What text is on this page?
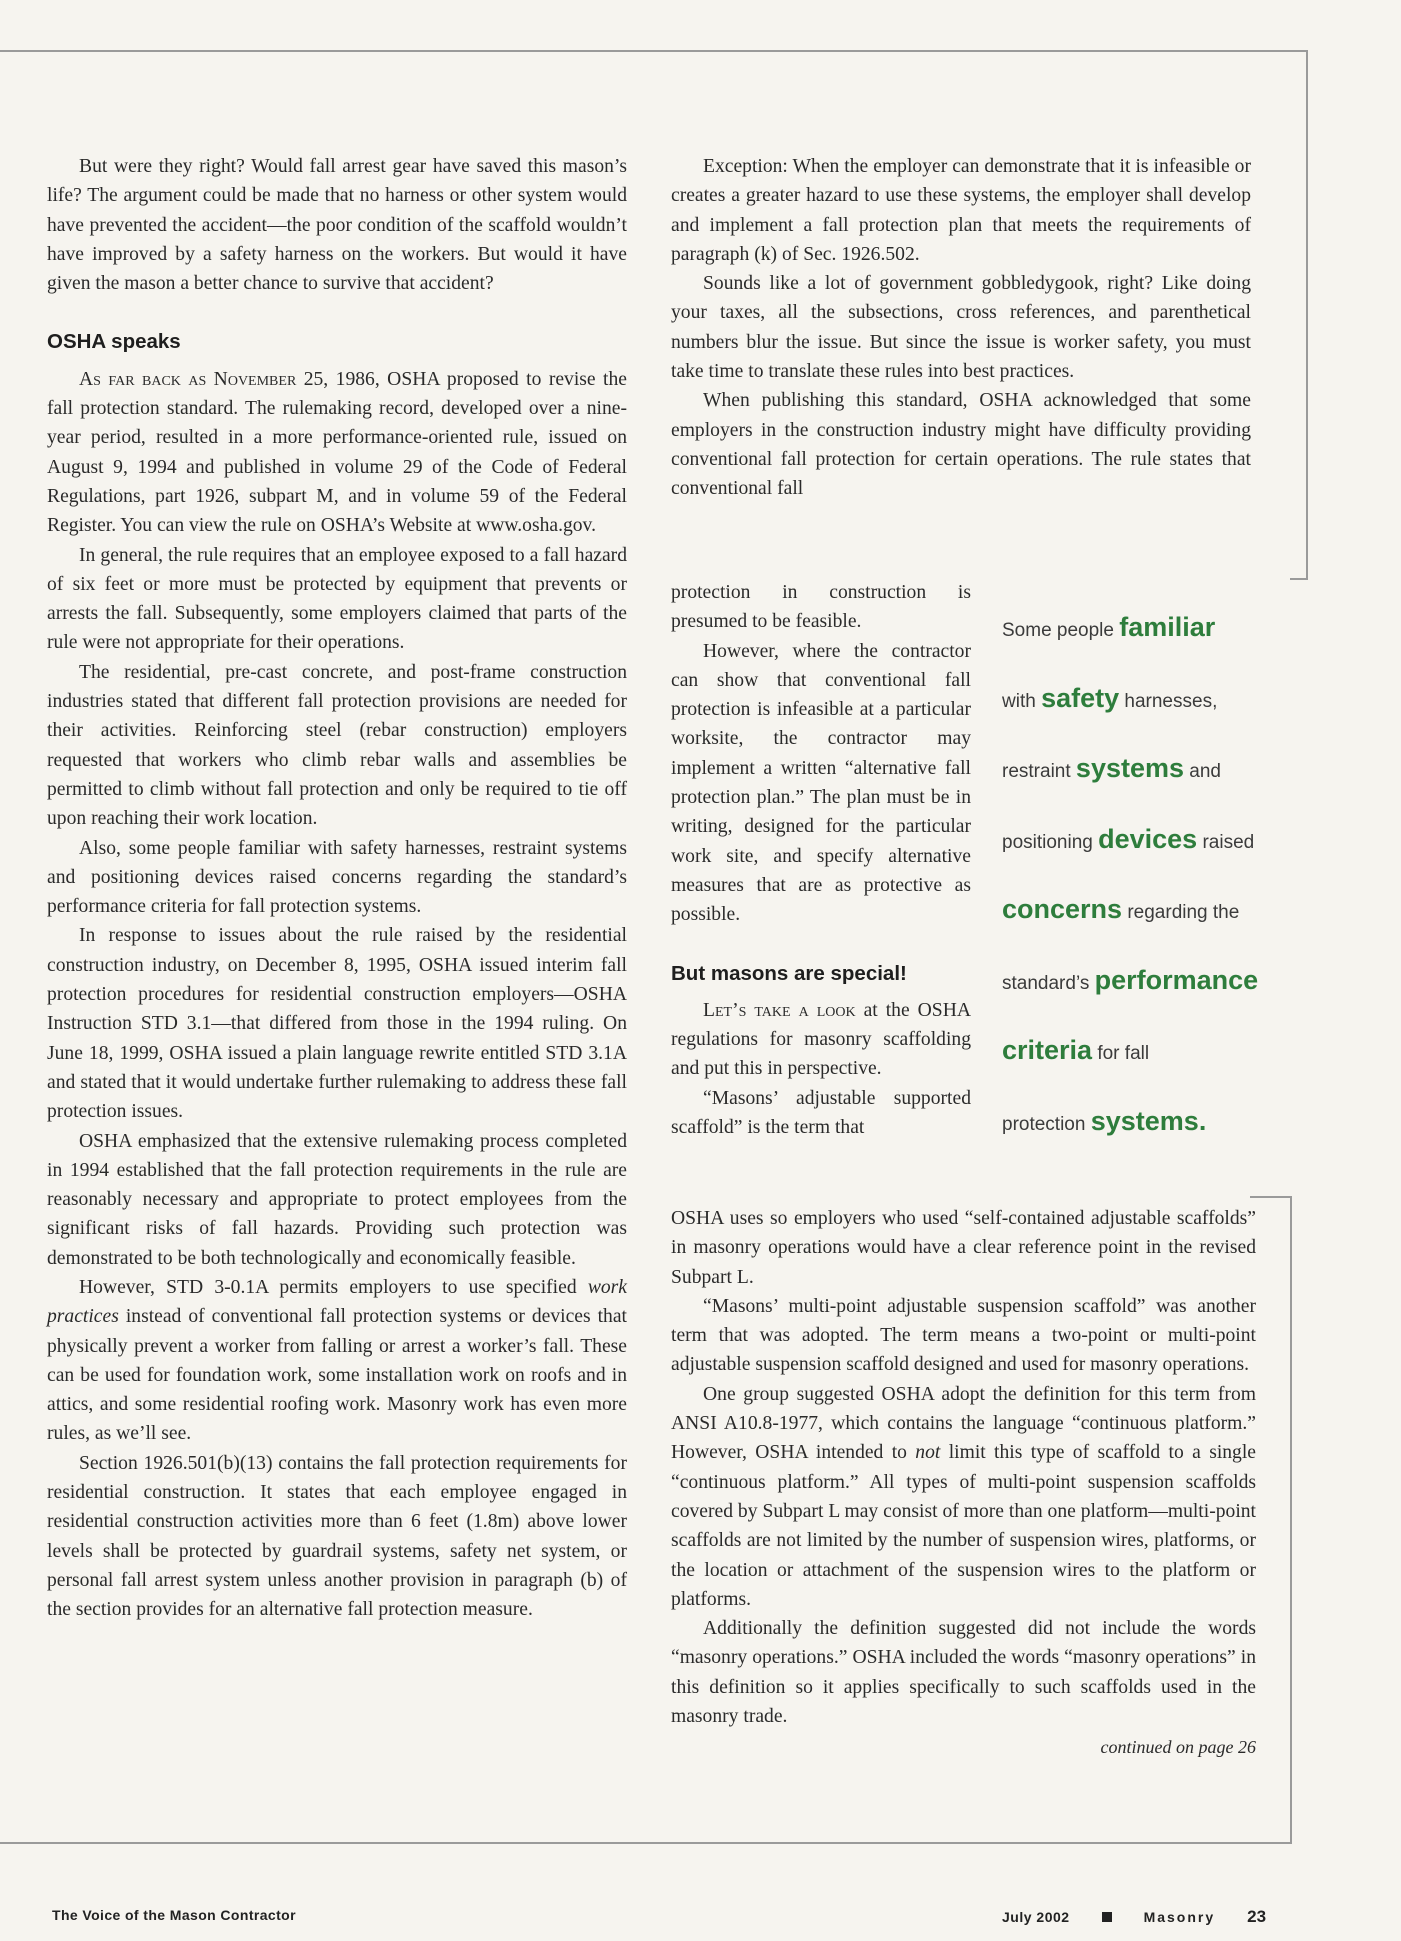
But were they right? Would fall arrest gear have saved this mason’s life? The argument could be made that no harness or other system would have prevented the accident—the poor condition of the scaffold wouldn’t have improved by a safety harness on the workers. But would it have given the mason a better chance to survive that accident?

OSHA speaks

As far back as November 25, 1986, OSHA proposed to revise the fall protection standard. The rulemaking record, developed over a nine-year period, resulted in a more performance-oriented rule, issued on August 9, 1994 and published in volume 29 of the Code of Federal Regulations, part 1926, subpart M, and in volume 59 of the Federal Register. You can view the rule on OSHA’s Website at www.osha.gov.

In general, the rule requires that an employee exposed to a fall hazard of six feet or more must be protected by equipment that prevents or arrests the fall. Subsequently, some employers claimed that parts of the rule were not appropriate for their operations.

The residential, pre-cast concrete, and post-frame construction industries stated that different fall protection provisions are needed for their activities. Reinforcing steel (rebar construction) employers requested that workers who climb rebar walls and assemblies be permitted to climb without fall protection and only be required to tie off upon reaching their work location.

Also, some people familiar with safety harnesses, restraint systems and positioning devices raised concerns regarding the standard’s performance criteria for fall protection systems.

In response to issues about the rule raised by the residential construction industry, on December 8, 1995, OSHA issued interim fall protection procedures for residential construction employers—OSHA Instruction STD 3.1—that differed from those in the 1994 ruling. On June 18, 1999, OSHA issued a plain language rewrite entitled STD 3.1A and stated that it would undertake further rulemaking to address these fall protection issues.

OSHA emphasized that the extensive rulemaking process completed in 1994 established that the fall protection requirements in the rule are reasonably necessary and appropriate to protect employees from the significant risks of fall hazards. Providing such protection was demonstrated to be both technologically and economically feasible.

However, STD 3-0.1A permits employers to use specified work practices instead of conventional fall protection systems or devices that physically prevent a worker from falling or arrest a worker’s fall. These can be used for foundation work, some installation work on roofs and in attics, and some residential roofing work. Masonry work has even more rules, as we’ll see.

Section 1926.501(b)(13) contains the fall protection requirements for residential construction. It states that each employee engaged in residential construction activities more than 6 feet (1.8m) above lower levels shall be protected by guardrail systems, safety net system, or personal fall arrest system unless another provision in paragraph (b) of the section provides for an alternative fall protection measure.

Exception: When the employer can demonstrate that it is infeasible or creates a greater hazard to use these systems, the employer shall develop and implement a fall protection plan that meets the requirements of paragraph (k) of Sec. 1926.502.

Sounds like a lot of government gobbledygook, right? Like doing your taxes, all the subsections, cross references, and parenthetical numbers blur the issue. But since the issue is worker safety, you must take time to translate these rules into best practices.

When publishing this standard, OSHA acknowledged that some employers in the construction industry might have difficulty providing conventional fall protection for certain operations. The rule states that conventional fall

protection in construction is presumed to be feasible.

However, where the contractor can show that conventional fall protection is infeasible at a particular worksite, the contractor may implement a written “alternative fall protection plan.” The plan must be in writing, designed for the particular work site, and specify alternative measures that are as protective as possible.

But masons are special!

Let’s take a look at the OSHA regulations for masonry scaffolding and put this in perspective.

“Masons’ adjustable supported scaffold” is the term that

OSHA uses so employers who used “self-contained adjustable scaffolds” in masonry operations would have a clear reference point in the revised Subpart L.

“Masons’ multi-point adjustable suspension scaffold” was another term that was adopted. The term means a two-point or multi-point adjustable suspension scaffold designed and used for masonry operations.

One group suggested OSHA adopt the definition for this term from ANSI A10.8-1977, which contains the language “continuous platform.” However, OSHA intended to not limit this type of scaffold to a single “continuous platform.” All types of multi-point suspension scaffolds covered by Subpart L may consist of more than one platform—multi-point scaffolds are not limited by the number of suspension wires, platforms, or the location or attachment of the suspension wires to the platform or platforms.

Additionally the definition suggested did not include the words “masonry operations.” OSHA included the words “masonry operations” in this definition so it applies specifically to such scaffolds used in the masonry trade.

continued on page 26
Some people familiar
with safety harnesses,
restraint systems and
positioning devices raised
concerns regarding the
standard’s performance
criteria for fall
protection systems.
The Voice of the Mason Contractor	July 2002	Masonry 23
